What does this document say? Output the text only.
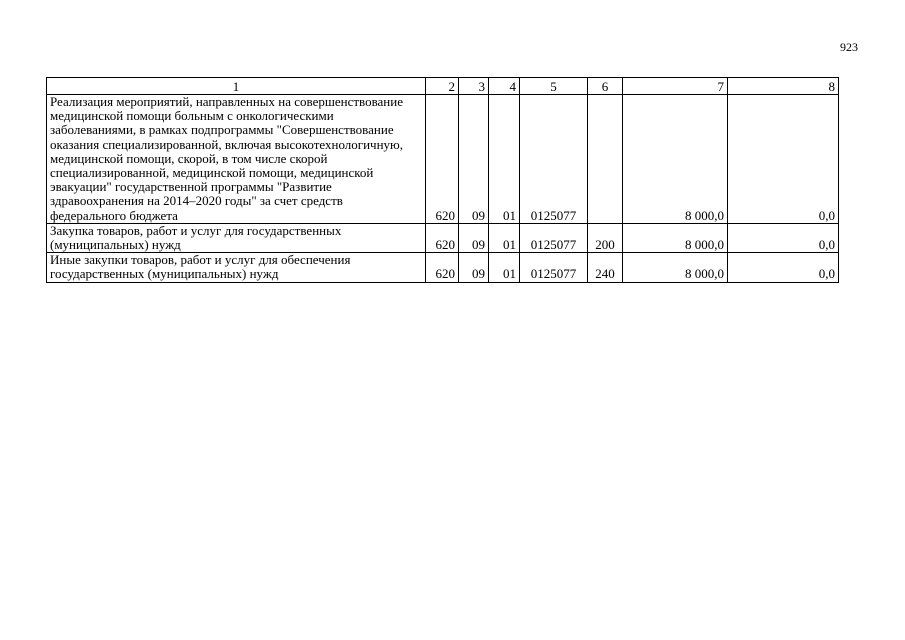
923
1	2	3	4	5	6	7	8
Реализация мероприятий, направленных на совершенствование медицинской помощи больным с онкологическими заболеваниями, в рамках подпрограммы "Совершенствование оказания специализированной, включая высокотехнологичную, медицинской помощи, скорой, в том числе скорой специализированной, медицинской помощи, медицинской эвакуации" государственной программы "Развитие здравоохранения на 2014–2020 годы" за счет средств федерального бюджета	620	09	01	0125077		8 000,0	0,0
Закупка товаров, работ и услуг для государственных (муниципальных) нужд	620	09	01	0125077	200	8 000,0	0,0
Иные закупки товаров, работ и услуг для обеспечения государственных (муниципальных) нужд	620	09	01	0125077	240	8 000,0	0,0
